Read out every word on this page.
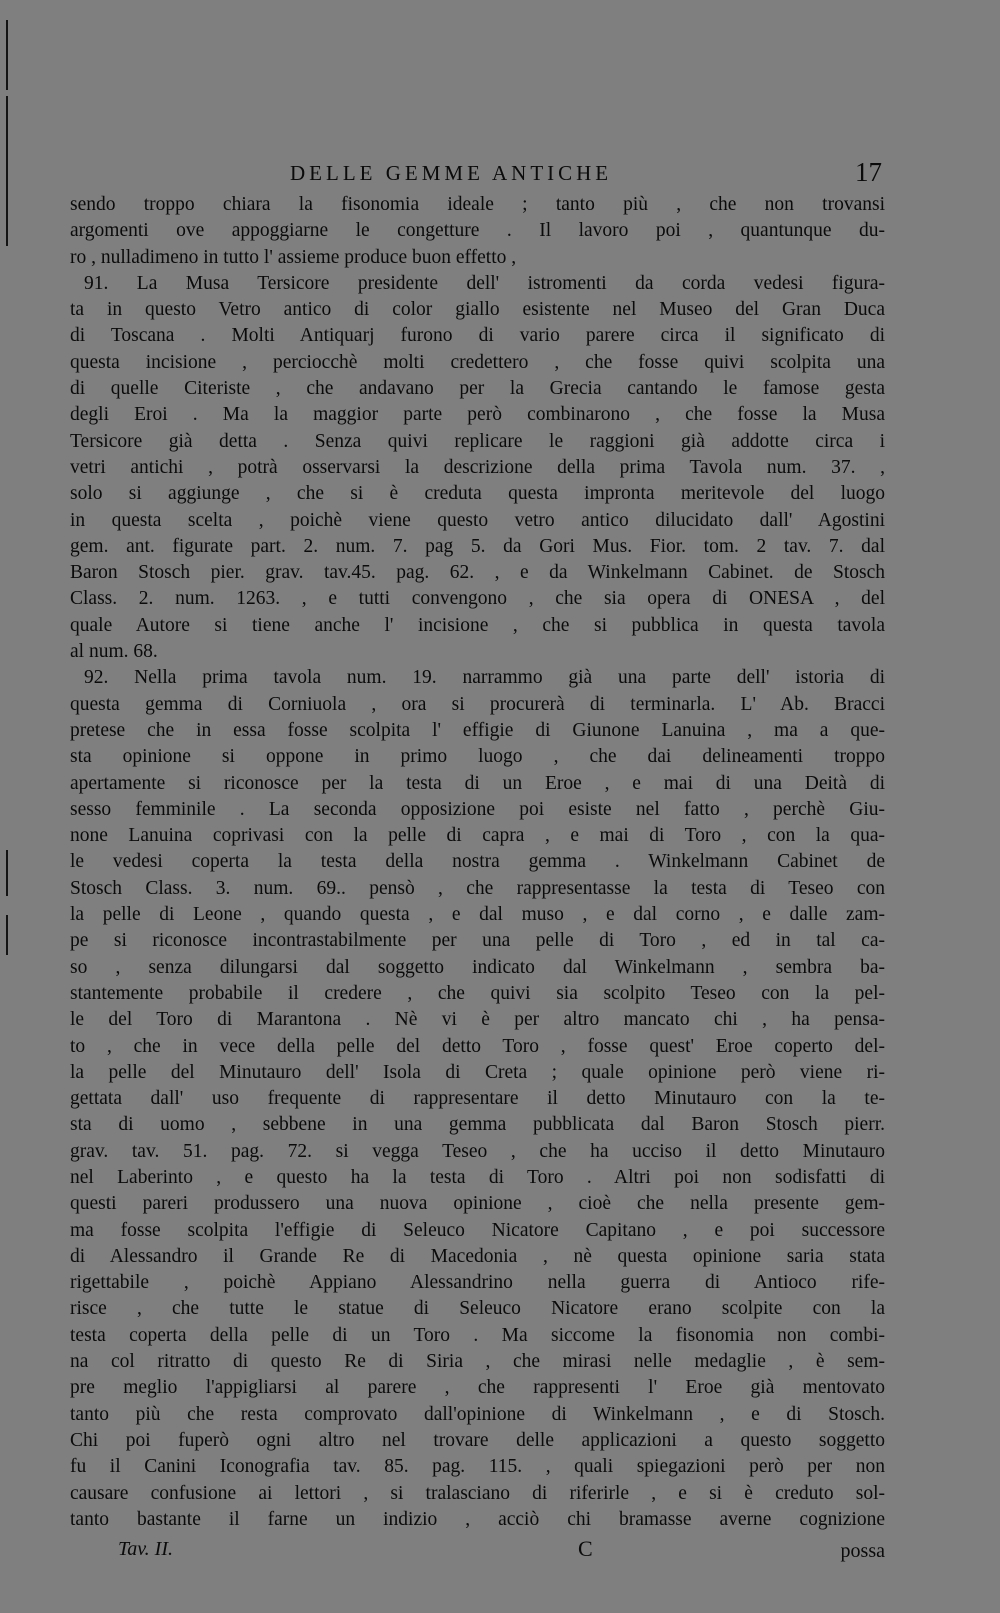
DELLE GEMME ANTICHE	17
sendo troppo chiara la fisonomia ideale ; tanto più , che non trovansi
argomenti ove appoggiarne le congetture . Il lavoro poi , quantunque du-
ro , nulladimeno in tutto l' assieme produce buon effetto ,
91. La Musa Tersicore presidente dell' istromenti da corda vedesi figura-
ta in questo Vetro antico di color giallo esistente nel Museo del Gran Duca
di Toscana . Molti Antiquarj furono di vario parere circa il significato di
questa incisione , perciocchè molti credettero , che fosse quivi scolpita una
di quelle Citeriste , che andavano per la Grecia cantando le famose gesta
degli Eroi . Ma la maggior parte però combinarono , che fosse la Musa
Tersicore già detta . Senza quivi replicare le raggioni già addotte circa i
vetri antichi , potrà osservarsi la descrizione della prima Tavola num. 37. ,
solo si aggiunge , che si è creduta questa impronta meritevole del luogo
in questa scelta , poichè viene questo vetro antico dilucidato dall' Agostini
gem. ant. figurate part. 2. num. 7. pag 5. da Gori Mus. Fior. tom. 2 tav. 7. dal
Baron Stosch pier. grav. tav.45. pag. 62. , e da Winkelmann Cabinet. de Stosch
Class. 2. num. 1263. , e tutti convengono , che sia opera di ONESA , del
quale Autore si tiene anche l' incisione , che si pubblica in questa tavola
al num. 68.
92. Nella prima tavola num. 19. narrammo già una parte dell' istoria di
questa gemma di Corniuola , ora si procurerà di terminarla. L' Ab. Bracci
pretese che in essa fosse scolpita l' effigie di Giunone Lanuina , ma a que-
sta opinione si oppone in primo luogo , che dai delineamenti troppo
apertamente si riconosce per la testa di un Eroe , e mai di una Deità di
sesso femminile . La seconda opposizione poi esiste nel fatto , perchè Giu-
none Lanuina coprivasi con la pelle di capra , e mai di Toro , con la qua-
le vedesi coperta la testa della nostra gemma . Winkelmann Cabinet de
Stosch Class. 3. num. 69.. pensò , che rappresentasse la testa di Teseo con
la pelle di Leone , quando questa , e dal muso , e dal corno , e dalle zam-
pe si riconosce incontrastabilmente per una pelle di Toro , ed in tal ca-
so , senza dilungarsi dal soggetto indicato dal Winkelmann , sembra ba-
stantemente probabile il credere , che quivi sia scolpito Teseo con la pel-
le del Toro di Marantona . Nè vi è per altro mancato chi , ha pensa-
to , che in vece della pelle del detto Toro , fosse quest' Eroe coperto del-
la pelle del Minutauro dell' Isola di Creta ; quale opinione però viene ri-
gettata dall' uso frequente di rappresentare il detto Minutauro con la te-
sta di uomo , sebbene in una gemma pubblicata dal Baron Stosch pierr.
grav. tav. 51. pag. 72. si vegga Teseo , che ha ucciso il detto Minutauro
nel Laberinto , e questo ha la testa di Toro . Altri poi non sodisfatti di
questi pareri produssero una nuova opinione , cioè che nella presente gem-
ma fosse scolpita l'effigie di Seleuco Nicatore Capitano , e poi successore
di Alessandro il Grande Re di Macedonia , nè questa opinione saria stata
rigettabile , poichè Appiano Alessandrino nella guerra di Antioco rife-
risce , che tutte le statue di Seleuco Nicatore erano scolpite con la
testa coperta della pelle di un Toro . Ma siccome la fisonomia non combi-
na col ritratto di questo Re di Siria , che mirasi nelle medaglie , è sem-
pre meglio l'appigliarsi al parere , che rappresenti l' Eroe già mentovato
tanto più che resta comprovato dall'opinione di Winkelmann , e di Stosch.
Chi poi fuperò ogni altro nel trovare delle applicazioni a questo soggetto
fu il Canini Iconografia tav. 85. pag. 115. , quali spiegazioni però per non
causare confusione ai lettori , si tralasciano di riferirle , e si è creduto sol-
tanto bastante il farne un indizio , acciò chi bramasse averne cognizione
Tav. II.	C	possa
